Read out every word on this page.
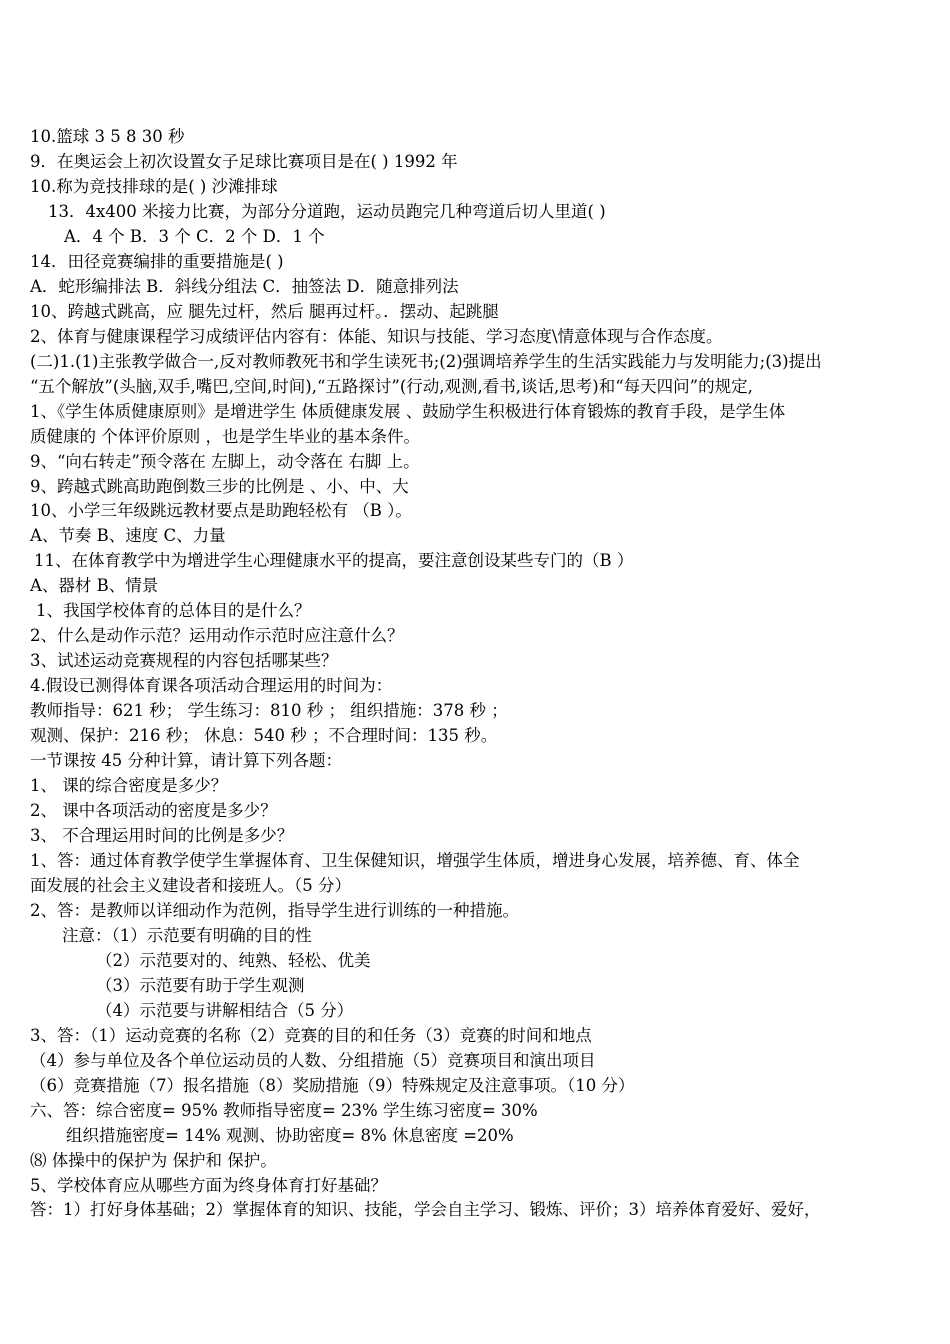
10.篮球 3 5 8 30 秒
9．在奥运会上初次设置女子足球比赛项目是在( ) 1992 年
10.称为竞技排球的是( ) 沙滩排球
13．4x400 米接力比赛，为部分分道跑，运动员跑完几种弯道后切人里道( )
A．4 个 B．3 个 C．2 个 D．1 个
14．田径竞赛编排的重要措施是( )
A．蛇形编排法 B．斜线分组法 C．抽签法 D．随意排列法
10、跨越式跳高，应 腿先过杆，然后 腿再过杆。．摆动、起跳腿
2、体育与健康课程学习成绩评估内容有：体能、知识与技能、学习态度\情意体现与合作态度。
(二)1.(1)主张教学做合一,反对教师教死书和学生读死书;(2)强调培养学生的生活实践能力与发明能力;(3)提出
“五个解放”(头脑,双手,嘴巴,空间,时间),“五路探讨”(行动,观测,看书,谈话,思考)和“每天四问”的规定,
1、《学生体质健康原则》是增进学生 体质健康发展 、鼓励学生积极进行体育锻炼的教育手段，是学生体
质健康的 个体评价原则 ，也是学生毕业的基本条件。
9、“向右转走”预令落在 左脚上，动令落在 右脚 上。
9、跨越式跳高助跑倒数三步的比例是 、小、中、大
10、小学三年级跳远教材要点是助跑轻松有 （B ）。
A、节奏 B、速度 C、力量
11、在体育教学中为增进学生心理健康水平的提高，要注意创设某些专门的（B ）
A、器材 B、情景
1、我国学校体育的总体目的是什么？
2、什么是动作示范？运用动作示范时应注意什么？
3、试述运动竞赛规程的内容包括哪某些？
4.假设已测得体育课各项活动合理运用的时间为：
教师指导：621 秒； 学生练习：810 秒 ； 组织措施：378 秒 ；
观测、保护：216 秒； 休息：540 秒 ；不合理时间：135 秒。
一节课按 45 分种计算，请计算下列各题：
1、 课的综合密度是多少？
2、 课中各项活动的密度是多少？
3、 不合理运用时间的比例是多少？
1、答：通过体育教学使学生掌握体育、卫生保健知识，增强学生体质，增进身心发展，培养德、育、体全
面发展的社会主义建设者和接班人。（5 分）
2、答：是教师以详细动作为范例，指导学生进行训练的一种措施。
注意：（1）示范要有明确的目的性
（2）示范要对的、纯熟、轻松、优美
（3）示范要有助于学生观测
（4）示范要与讲解相结合（5 分）
3、答：（1）运动竞赛的名称（2）竞赛的目的和任务（3）竞赛的时间和地点
（4）参与单位及各个单位运动员的人数、分组措施（5）竞赛项目和演出项目
（6）竞赛措施（7）报名措施（8）奖励措施（9）特殊规定及注意事项。（10 分）
六、答：综合密度= 95% 教师指导密度= 23% 学生练习密度= 30%
组织措施密度= 14% 观测、协助密度= 8% 休息密度 =20%
⑻ 体操中的保护为 保护和 保护。
5、学校体育应从哪些方面为终身体育打好基础？
答：1）打好身体基础；2）掌握体育的知识、技能，学会自主学习、锻炼、评价；3）培养体育爱好、爱好，
